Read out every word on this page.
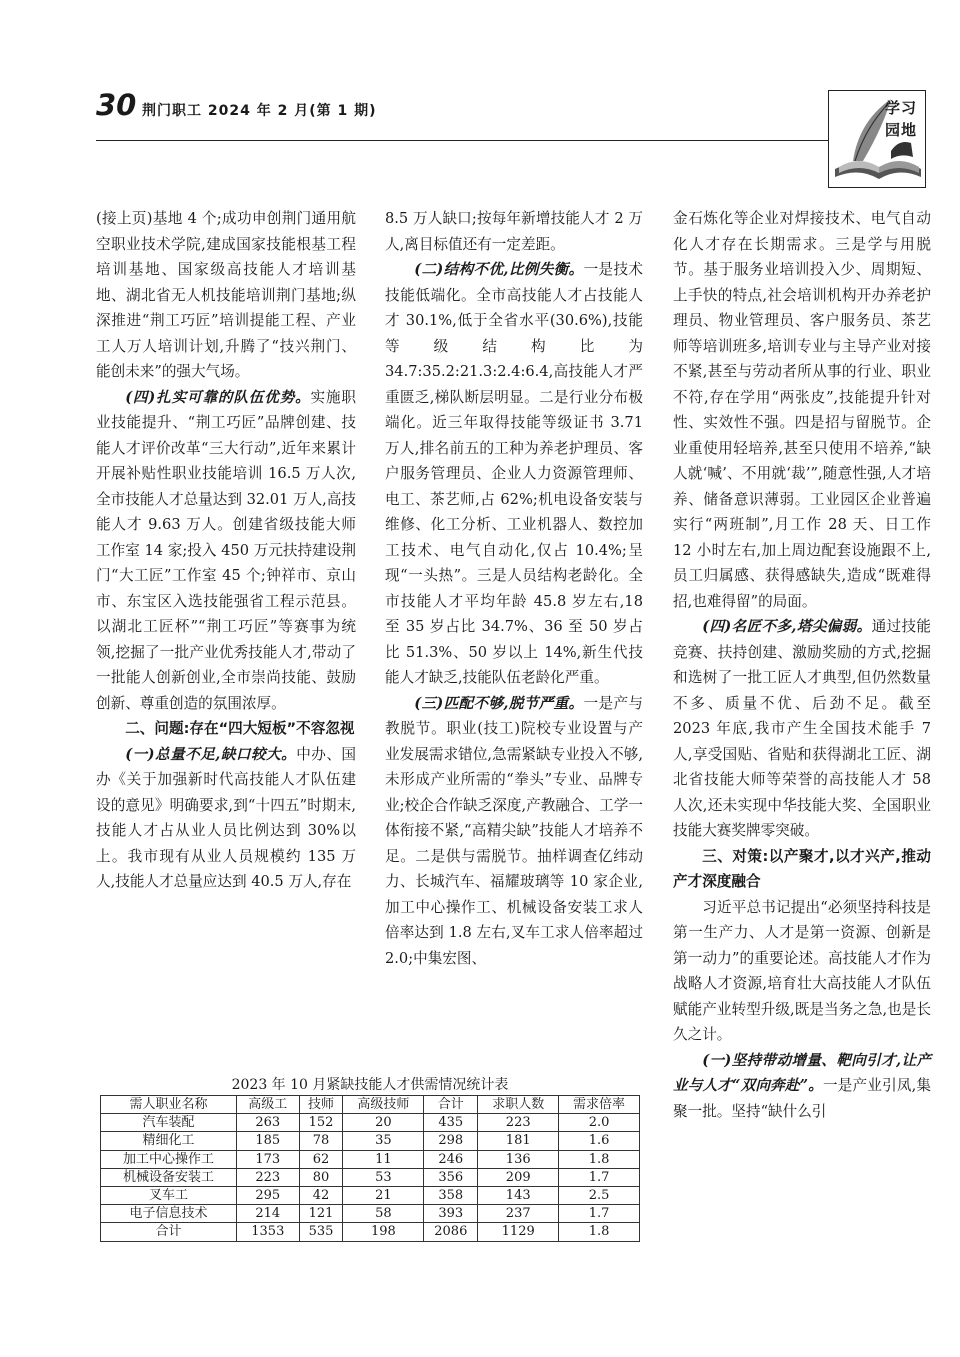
30 荆门职工 2024 年 2 月(第 1 期)	学习
园地

(接上页)基地 4 个;成功申创荆门通用航空职业技术学院,建成国家技能根基工程培训基地、国家级高技能人才培训基地、湖北省无人机技能培训荆门基地;纵深推进“荆工巧匠”培训提能工程、产业工人万人培训计划,升腾了“技兴荆门、能创未来”的强大气场。

(四)扎实可靠的队伍优势。实施职业技能提升、“荆工巧匠”品牌创建、技能人才评价改革“三大行动”,近年来累计开展补贴性职业技能培训 16.5 万人次,全市技能人才总量达到 32.01 万人,高技能人才 9.63 万人。创建省级技能大师工作室 14 家;投入 450 万元扶持建设荆门“大工匠”工作室 45 个;钟祥市、京山市、东宝区入选技能强省工程示范县。以湖北工匠杯”“荆工巧匠”等赛事为统领,挖掘了一批产业优秀技能人才,带动了一批能人创新创业,全市崇尚技能、鼓励创新、尊重创造的氛围浓厚。

二、问题:存在“四大短板”不容忽视

(一)总量不足,缺口较大。中办、国办《关于加强新时代高技能人才队伍建设的意见》明确要求,到“十四五”时期末,技能人才占从业人员比例达到 30%以上。我市现有从业人员规模约 135 万人,技能人才总量应达到 40.5 万人,存在

8.5 万人缺口;按每年新增技能人才 2 万人,离目标值还有一定差距。

(二)结构不优,比例失衡。一是技术技能低端化。全市高技能人才占技能人才 30.1%,低于全省水平(30.6%),技能等级结构比为 34.7:35.2:21.3:2.4:6.4,高技能人才严重匮乏,梯队断层明显。二是行业分布极端化。近三年取得技能等级证书 3.71 万人,排名前五的工种为养老护理员、客户服务管理员、企业人力资源管理师、电工、茶艺师,占 62%;机电设备安装与维修、化工分析、工业机器人、数控加工技术、电气自动化,仅占 10.4%;呈现“一头热”。三是人员结构老龄化。全市技能人才平均年龄 45.8 岁左右,18 至 35 岁占比 34.7%、36 至 50 岁占比 51.3%、50 岁以上 14%,新生代技能人才缺乏,技能队伍老龄化严重。

(三)匹配不够,脱节严重。一是产与教脱节。职业(技工)院校专业设置与产业发展需求错位,急需紧缺专业投入不够,未形成产业所需的“拳头”专业、品牌专业;校企合作缺乏深度,产教融合、工学一体衔接不紧,“高精尖缺”技能人才培养不足。二是供与需脱节。抽样调查亿纬动力、长城汽车、福耀玻璃等 10 家企业,加工中心操作工、机械设备安装工求人倍率达到 1.8 左右,叉车工求人倍率超过 2.0;中集宏图、

金石炼化等企业对焊接技术、电气自动化人才存在长期需求。三是学与用脱节。基于服务业培训投入少、周期短、上手快的特点,社会培训机构开办养老护理员、物业管理员、客户服务员、茶艺师等培训班多,培训专业与主导产业对接不紧,甚至与劳动者所从事的行业、职业不符,存在学用“两张皮”,技能提升针对性、实效性不强。四是招与留脱节。企业重使用轻培养,甚至只使用不培养,“缺人就‘喊’、不用就‘裁’”,随意性强,人才培养、储备意识薄弱。工业园区企业普遍实行“两班制”,月工作 28 天、日工作 12 小时左右,加上周边配套设施跟不上,员工归属感、获得感缺失,造成“既难得招,也难得留”的局面。

(四)名匠不多,塔尖偏弱。通过技能竞赛、扶持创建、激励奖励的方式,挖掘和选树了一批工匠人才典型,但仍然数量不多、质量不优、后劲不足。截至 2023 年底,我市产生全国技术能手 7 人,享受国贴、省贴和获得湖北工匠、湖北省技能大师等荣誉的高技能人才 58 人次,还未实现中华技能大奖、全国职业技能大赛奖牌零突破。

三、对策:以产聚才,以才兴产,推动产才深度融合

习近平总书记提出“必须坚持科技是第一生产力、人才是第一资源、创新是第一动力”的重要论述。高技能人才作为战略人才资源,培育壮大高技能人才队伍赋能产业转型升级,既是当务之急,也是长久之计。

(一)坚持带动增量、靶向引才,让产业与人才“双向奔赴”。一是产业引凤,集聚一批。坚持“缺什么引

2023 年 10 月紧缺技能人才供需情况统计表
需人职业名称	高级工	技师	高级技师	合计	求职人数	需求倍率
汽车装配	263	152	20	435	223	2.0
精细化工	185	78	35	298	181	1.6
加工中心操作工	173	62	11	246	136	1.8
机械设备安装工	223	80	53	356	209	1.7
叉车工	295	42	21	358	143	2.5
电子信息技术	214	121	58	393	237	1.7
合计	1353	535	198	2086	1129	1.8
